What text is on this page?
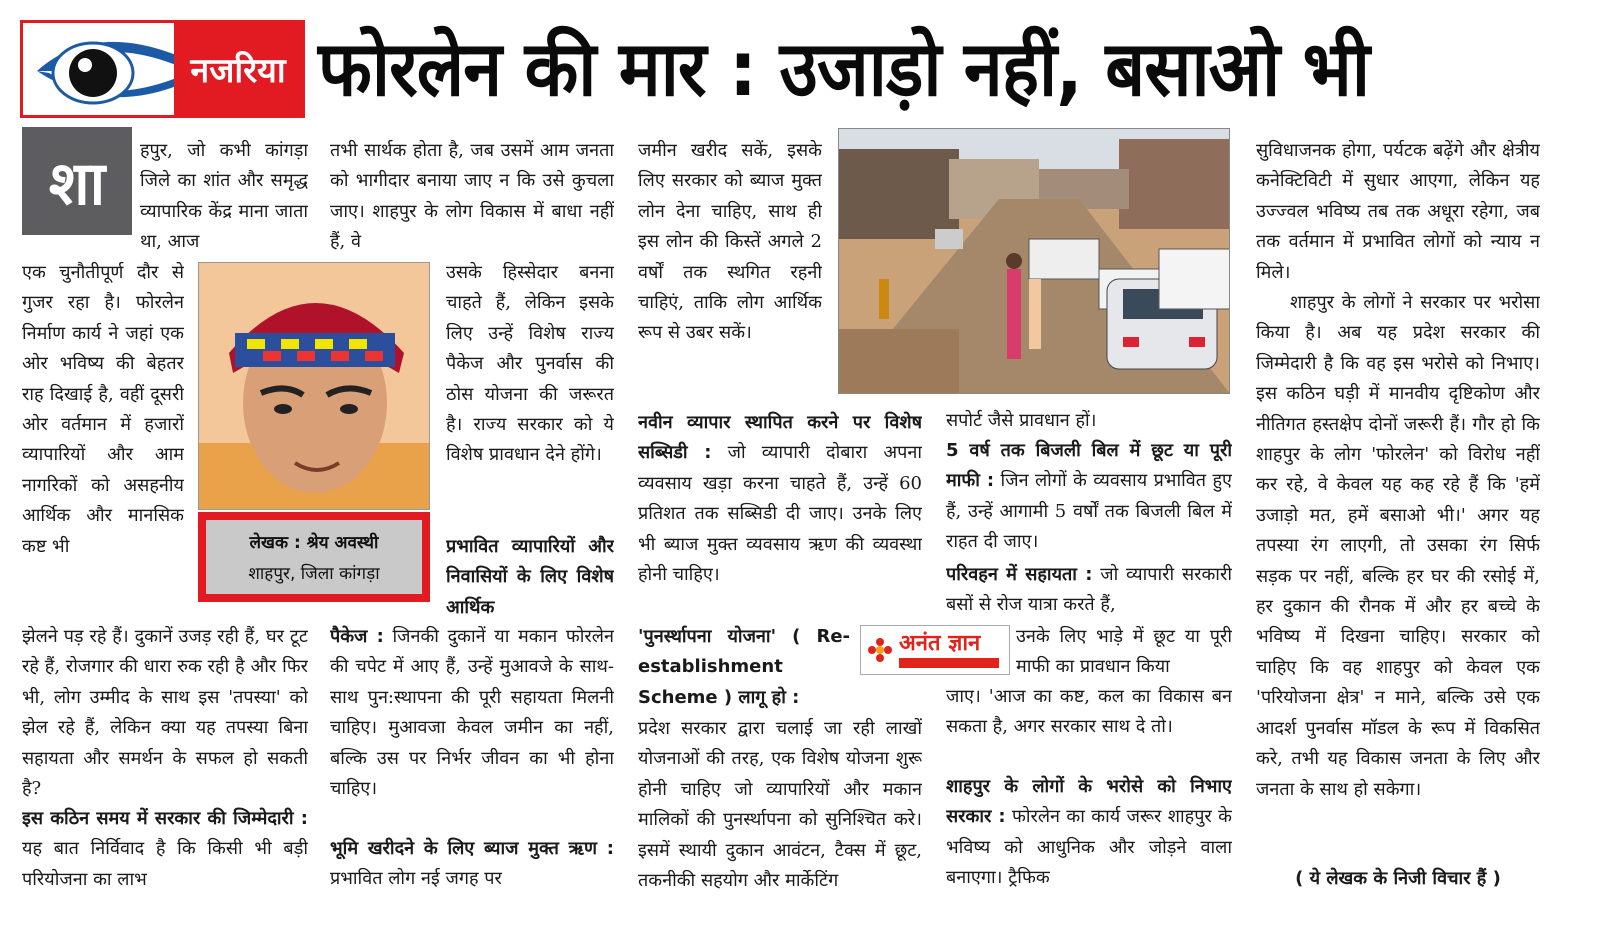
नजरिया फोरलेन की मार : उजाड़ो नहीं, बसाओ भी
शा	हपुर, जो कभी कांगड़ा जिले का शांत और समृद्ध व्यापारिक केंद्र माना जाता था, आज
एक चुनौतीपूर्ण दौर से गुजर रहा है। फोरलेन निर्माण कार्य ने जहां एक ओर भविष्य की बेहतर राह दिखाई है, वहीं दूसरी ओर वर्तमान में हजारों व्यापारियों और आम नागरिकों को असहनीय आर्थिक और मानसिक कष्ट भी
झेलने पड़ रहे हैं। दुकानें उजड़ रही हैं, घर टूट रहे हैं, रोजगार की धारा रुक रही है और फिर भी, लोग उम्मीद के साथ इस 'तपस्या' को झेल रहे हैं, लेकिन क्या यह तपस्या बिना सहायता और समर्थन के सफल हो सकती है?
इस कठिन समय में सरकार की जिम्मेदारी : यह बात निर्विवाद है कि किसी भी बड़ी परियोजना का लाभ
लेखक : श्रेय अवस्थी
शाहपुर, जिला कांगड़ा
तभी सार्थक होता है, जब उसमें आम जनता को भागीदार बनाया जाए न कि उसे कुचला जाए। शाहपुर के लोग विकास में बाधा नहीं हैं, वे
उसके हिस्सेदार बनना चाहते हैं, लेकिन इसके लिए उन्हें विशेष राज्य पैकेज और पुनर्वास की ठोस योजना की जरूरत है। राज्य सरकार को ये विशेष प्रावधान देने होंगे।
प्रभावित व्यापारियों और निवासियों के लिए विशेष आर्थिक
पैकेज : जिनकी दुकानें या मकान फोरलेन की चपेट में आए हैं, उन्हें मुआवजे के साथ-साथ पुन:स्थापना की पूरी सहायता मिलनी चाहिए। मुआवजा केवल जमीन का नहीं, बल्कि उस पर निर्भर जीवन का भी होना चाहिए।
भूमि खरीदने के लिए ब्याज मुक्त ऋण : प्रभावित लोग नई जगह पर
जमीन खरीद सकें, इसके लिए सरकार को ब्याज मुक्त लोन देना चाहिए, साथ ही इस लोन की किस्तें अगले 2 वर्षों तक स्थगित रहनी चाहिएं, ताकि लोग आर्थिक रूप से उबर सकें।
नवीन व्यापार स्थापित करने पर विशेष सब्सिडी : जो व्यापारी दोबारा अपना व्यवसाय खड़ा करना चाहते हैं, उन्हें 60 प्रतिशत तक सब्सिडी दी जाए। उनके लिए भी ब्याज मुक्त व्यवसाय ऋण की व्यवस्था होनी चाहिए।
'पुनर्स्थापना योजना' ( Re-establishment Scheme ) लागू हो :
प्रदेश सरकार द्वारा चलाई जा रही लाखों योजनाओं की तरह, एक विशेष योजना शुरू होनी चाहिए जो व्यापारियों और मकान मालिकों की पुनर्स्थापना को सुनिश्चित करे। इसमें स्थायी दुकान आवंटन, टैक्स में छूट, तकनीकी सहयोग और मार्केटिंग
सपोर्ट जैसे प्रावधान हों।
5 वर्ष तक बिजली बिल में छूट या पूरी माफी : जिन लोगों के व्यवसाय प्रभावित हुए हैं, उन्हें आगामी 5 वर्षों तक बिजली बिल में राहत दी जाए।
परिवहन में सहायता : जो व्यापारी सरकारी बसों से रोज यात्रा करते हैं,
अनंत ज्ञान	उनके लिए भाड़े में छूट या पूरी माफी का प्रावधान किया
जाए। 'आज का कष्ट, कल का विकास बन सकता है, अगर सरकार साथ दे तो।
शाहपुर के लोगों के भरोसे को निभाए सरकार : फोरलेन का कार्य जरूर शाहपुर के भविष्य को आधुनिक और जोड़ने वाला बनाएगा। ट्रैफिक
सुविधाजनक होगा, पर्यटक बढ़ेंगे और क्षेत्रीय कनेक्टिविटी में सुधार आएगा, लेकिन यह उज्ज्वल भविष्य तब तक अधूरा रहेगा, जब तक वर्तमान में प्रभावित लोगों को न्याय न मिले।
शाहपुर के लोगों ने सरकार पर भरोसा किया है। अब यह प्रदेश सरकार की जिम्मेदारी है कि वह इस भरोसे को निभाए। इस कठिन घड़ी में मानवीय दृष्टिकोण और नीतिगत हस्तक्षेप दोनों जरूरी हैं। गौर हो कि शाहपुर के लोग 'फोरलेन' को विरोध नहीं कर रहे, वे केवल यह कह रहे हैं कि 'हमें उजाड़ो मत, हमें बसाओ भी।' अगर यह तपस्या रंग लाएगी, तो उसका रंग सिर्फ सड़क पर नहीं, बल्कि हर घर की रसोई में, हर दुकान की रौनक में और हर बच्चे के भविष्य में दिखना चाहिए। सरकार को चाहिए कि वह शाहपुर को केवल एक 'परियोजना क्षेत्र' न माने, बल्कि उसे एक आदर्श पुनर्वास मॉडल के रूप में विकसित करे, तभी यह विकास जनता के लिए और जनता के साथ हो सकेगा।
( ये लेखक के निजी विचार हैं )
